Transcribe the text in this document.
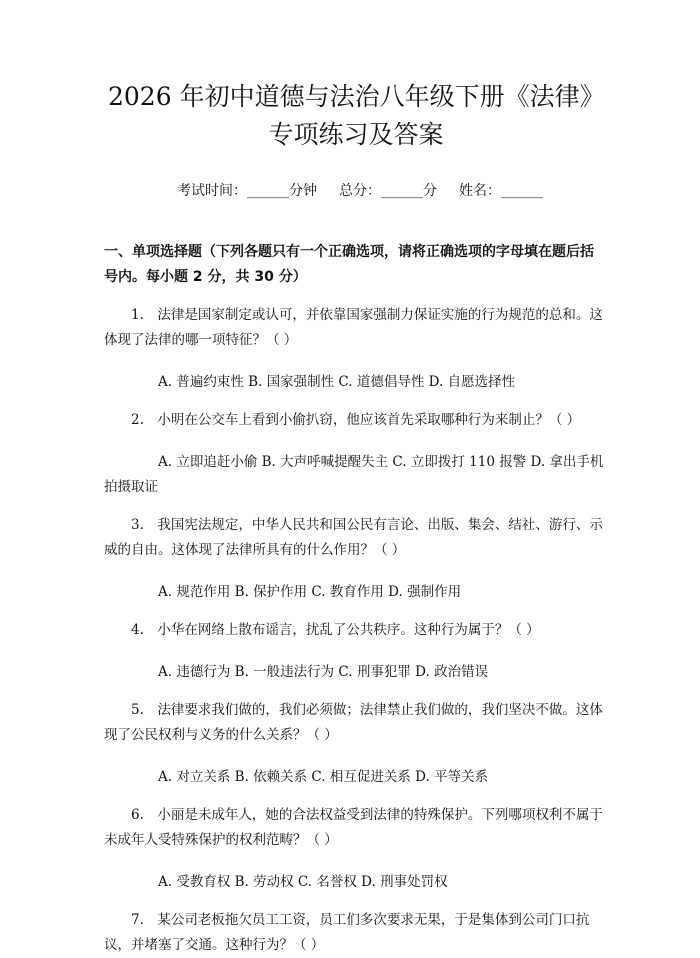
2026 年初中道德与法治八年级下册《法律》
专项练习及答案
考试时间：______分钟 总分：______分 姓名：______
一、单项选择题（下列各题只有一个正确选项，请将正确选项的字母填在题后括号内。每小题 2 分，共 30 分）
1.　法律是国家制定或认可，并依靠国家强制力保证实施的行为规范的总和。这体现了法律的哪一项特征？（ ）
A. 普遍约束性 B. 国家强制性 C. 道德倡导性 D. 自愿选择性
2.　小明在公交车上看到小偷扒窃，他应该首先采取哪种行为来制止？（ ）
A. 立即追赶小偷 B. 大声呼喊提醒失主 C. 立即拨打 110 报警 D. 拿出手机拍摄取证
3.　我国宪法规定，中华人民共和国公民有言论、出版、集会、结社、游行、示威的自由。这体现了法律所具有的什么作用？（ ）
A. 规范作用 B. 保护作用 C. 教育作用 D. 强制作用
4.　小华在网络上散布谣言，扰乱了公共秩序。这种行为属于？（ ）
A. 违德行为 B. 一般违法行为 C. 刑事犯罪 D. 政治错误
5.　法律要求我们做的，我们必须做；法律禁止我们做的，我们坚决不做。这体现了公民权利与义务的什么关系？（ ）
A. 对立关系 B. 依赖关系 C. 相互促进关系 D. 平等关系
6.　小丽是未成年人，她的合法权益受到法律的特殊保护。下列哪项权利不属于未成年人受特殊保护的权利范畴？（ ）
A. 受教育权 B. 劳动权 C. 名誉权 D. 刑事处罚权
7.　某公司老板拖欠员工工资，员工们多次要求无果，于是集体到公司门口抗议，并堵塞了交通。这种行为？（ ）
